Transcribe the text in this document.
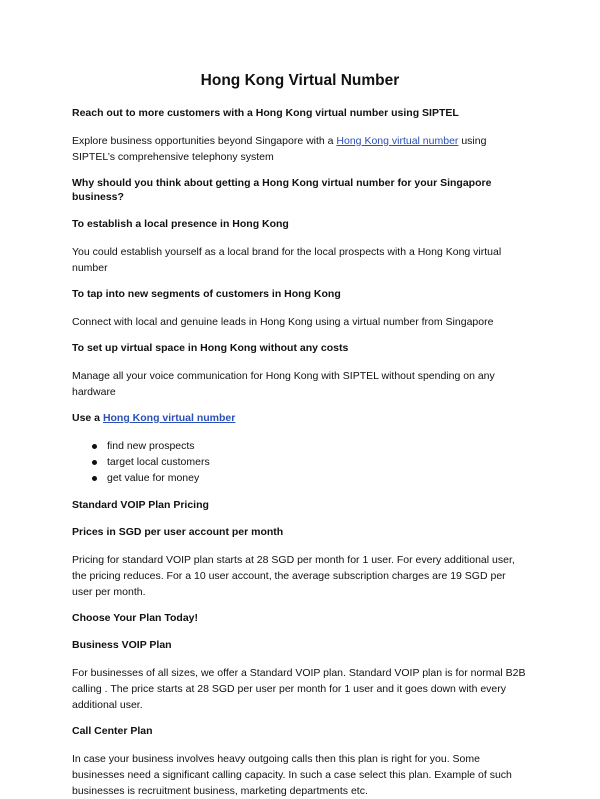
Hong Kong Virtual Number
Reach out to more customers with a Hong Kong virtual number using SIPTEL
Explore business opportunities beyond Singapore with a Hong Kong virtual number using SIPTEL’s comprehensive telephony system
Why should you think about getting a Hong Kong virtual number for your Singapore business?
To establish a local presence in Hong Kong
You could establish yourself as a local brand for the local prospects with a Hong Kong virtual number
To tap into new segments of customers in Hong Kong
Connect with local and genuine leads in Hong Kong using a virtual number from Singapore
To set up virtual space in Hong Kong without any costs
Manage all your voice communication for Hong Kong with SIPTEL without spending on any hardware
Use a Hong Kong virtual number
find new prospects
target local customers
get value for money
Standard VOIP Plan Pricing
Prices in SGD per user account per month
Pricing for standard VOIP plan starts at 28 SGD per month for 1 user. For every additional user, the pricing reduces. For a 10 user account, the average subscription charges are 19 SGD per user per month.
Choose Your Plan Today!
Business VOIP Plan
For businesses of all sizes, we offer a Standard VOIP plan. Standard VOIP plan is for normal B2B calling . The price starts at 28 SGD per user per month for 1 user and it goes down with every additional user.
Call Center Plan
In case your business involves heavy outgoing calls then this plan is right for you. Some businesses need a significant calling capacity. In such a case select this plan. Example of such businesses is recruitment business, marketing departments etc.
